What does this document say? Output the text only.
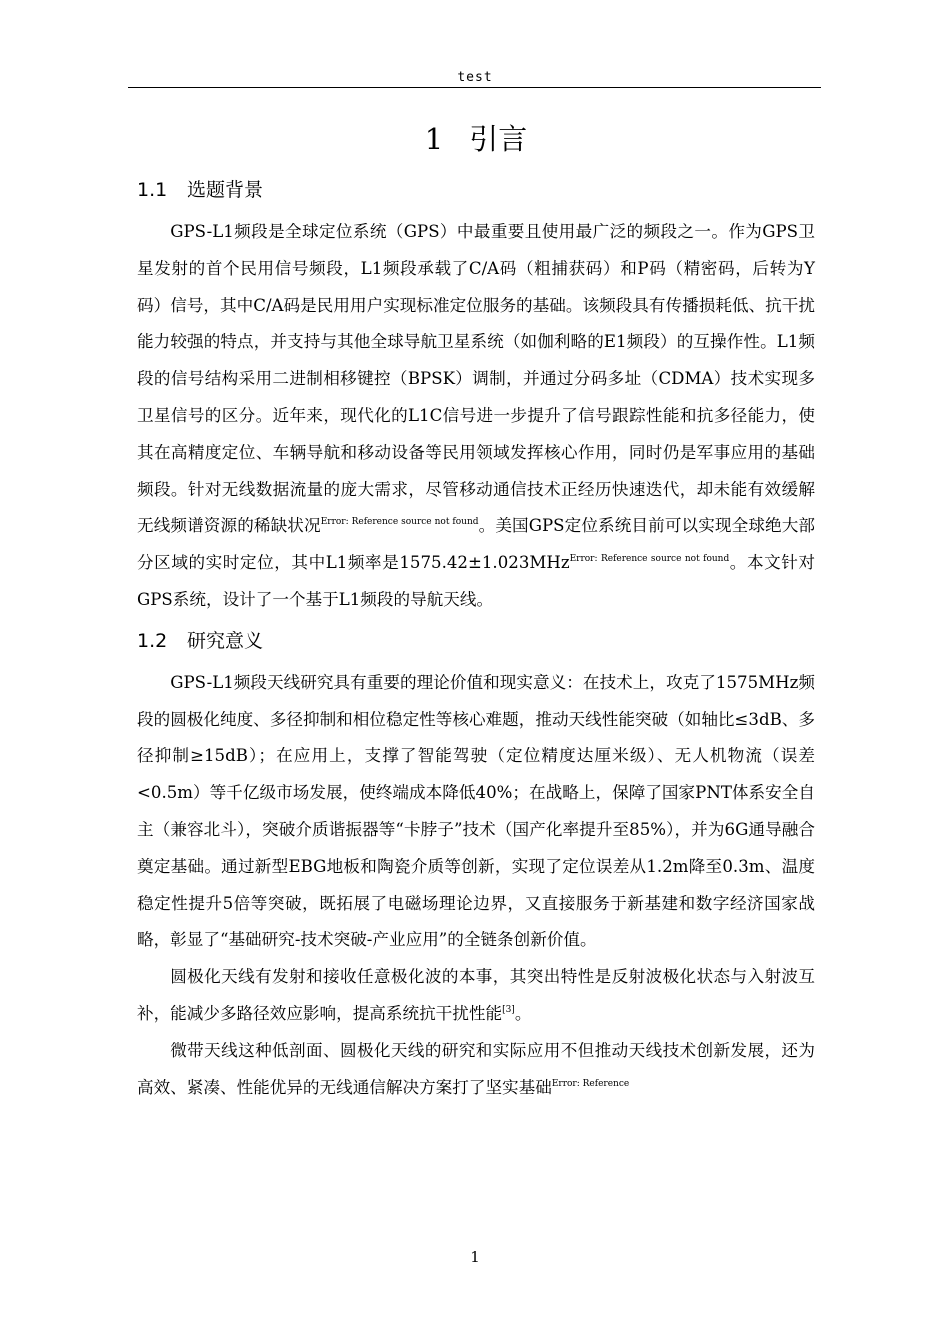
test
1 引言
1.1 选题背景

GPS-L1频段是全球定位系统（GPS）中最重要且使用最广泛的频段之一。作为GPS卫星发射的首个民用信号频段，L1频段承载了C/A码（粗捕获码）和P码（精密码，后转为Y码）信号，其中C/A码是民用用户实现标准定位服务的基础。该频段具有传播损耗低、抗干扰能力较强的特点，并支持与其他全球导航卫星系统（如伽利略的E1频段）的互操作性。L1频段的信号结构采用二进制相移键控（BPSK）调制，并通过分码多址（CDMA）技术实现多卫星信号的区分。近年来，现代化的L1C信号进一步提升了信号跟踪性能和抗多径能力，使其在高精度定位、车辆导航和移动设备等民用领域发挥核心作用，同时仍是军事应用的基础频段。针对无线数据流量的庞大需求，尽管移动通信技术正经历快速迭代，却未能有效缓解无线频谱资源的稀缺状况$^{Error: Reference source not found}$。美国GPS定位系统目前可以实现全球绝大部分区域的实时定位，其中L1频率是1575.42±1.023MHz$^{Error: Reference source not found}$。本文针对GPS系统，设计了一个基于L1频段的导航天线。

1.2 研究意义

GPS-L1频段天线研究具有重要的理论价值和现实意义：在技术上，攻克了1575MHz频段的圆极化纯度、多径抑制和相位稳定性等核心难题，推动天线性能突破（如轴比≤3dB、多径抑制≥15dB）；在应用上，支撑了智能驾驶（定位精度达厘米级）、无人机物流（误差<0.5m）等千亿级市场发展，使终端成本降低40%；在战略上，保障了国家PNT体系安全自主（兼容北斗），突破介质谐振器等“卡脖子”技术（国产化率提升至85%），并为6G通导融合奠定基础。通过新型EBG地板和陶瓷介质等创新，实现了定位误差从1.2m降至0.3m、温度稳定性提升5倍等突破，既拓展了电磁场理论边界，又直接服务于新基建和数字经济国家战略，彰显了“基础研究-技术突破-产业应用”的全链条创新价值。

圆极化天线有发射和接收任意极化波的本事，其突出特性是反射波极化状态与入射波互补，能减少多路径效应影响，提高系统抗干扰性能[3]。

微带天线这种低剖面、圆极化天线的研究和实际应用不但推动天线技术创新发展，还为高效、紧凑、性能优异的无线通信解决方案打了坚实基础$^{Error: Reference}$

1
